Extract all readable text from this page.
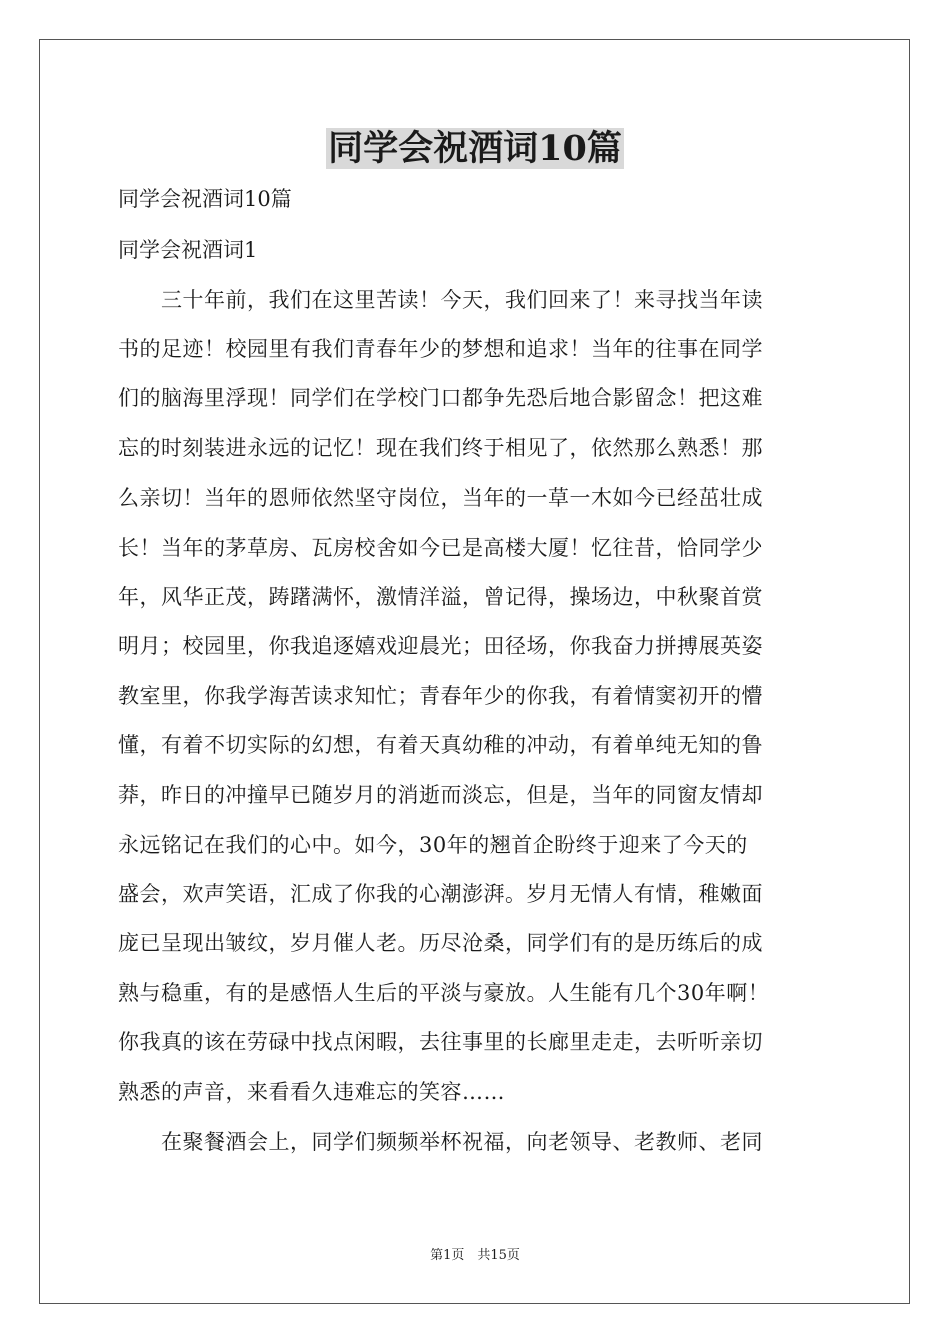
同学会祝酒词10篇

同学会祝酒词10篇

同学会祝酒词1

　　三十年前，我们在这里苦读！今天，我们回来了！来寻找当年读

书的足迹！校园里有我们青春年少的梦想和追求！当年的往事在同学

们的脑海里浮现！同学们在学校门口都争先恐后地合影留念！把这难

忘的时刻装进永远的记忆！现在我们终于相见了，依然那么熟悉！那

么亲切！当年的恩师依然坚守岗位，当年的一草一木如今已经茁壮成

长！当年的茅草房、瓦房校舍如今已是高楼大厦！忆往昔，恰同学少

年，风华正茂，踌躇满怀，激情洋溢，曾记得，操场边，中秋聚首赏

明月；校园里，你我追逐嬉戏迎晨光；田径场，你我奋力拼搏展英姿

教室里，你我学海苦读求知忙；青春年少的你我，有着情窦初开的懵

懂，有着不切实际的幻想，有着天真幼稚的冲动，有着单纯无知的鲁

莽，昨日的冲撞早已随岁月的消逝而淡忘，但是，当年的同窗友情却

永远铭记在我们的心中。如今，30年的翘首企盼终于迎来了今天的

盛会，欢声笑语，汇成了你我的心潮澎湃。岁月无情人有情，稚嫩面

庞已呈现出皱纹，岁月催人老。历尽沧桑，同学们有的是历练后的成

熟与稳重，有的是感悟人生后的平淡与豪放。人生能有几个30年啊！

你我真的该在劳碌中找点闲暇，去往事里的长廊里走走，去听听亲切

熟悉的声音，来看看久违难忘的笑容……

　　在聚餐酒会上，同学们频频举杯祝福，向老领导、老教师、老同

第1页　共15页
